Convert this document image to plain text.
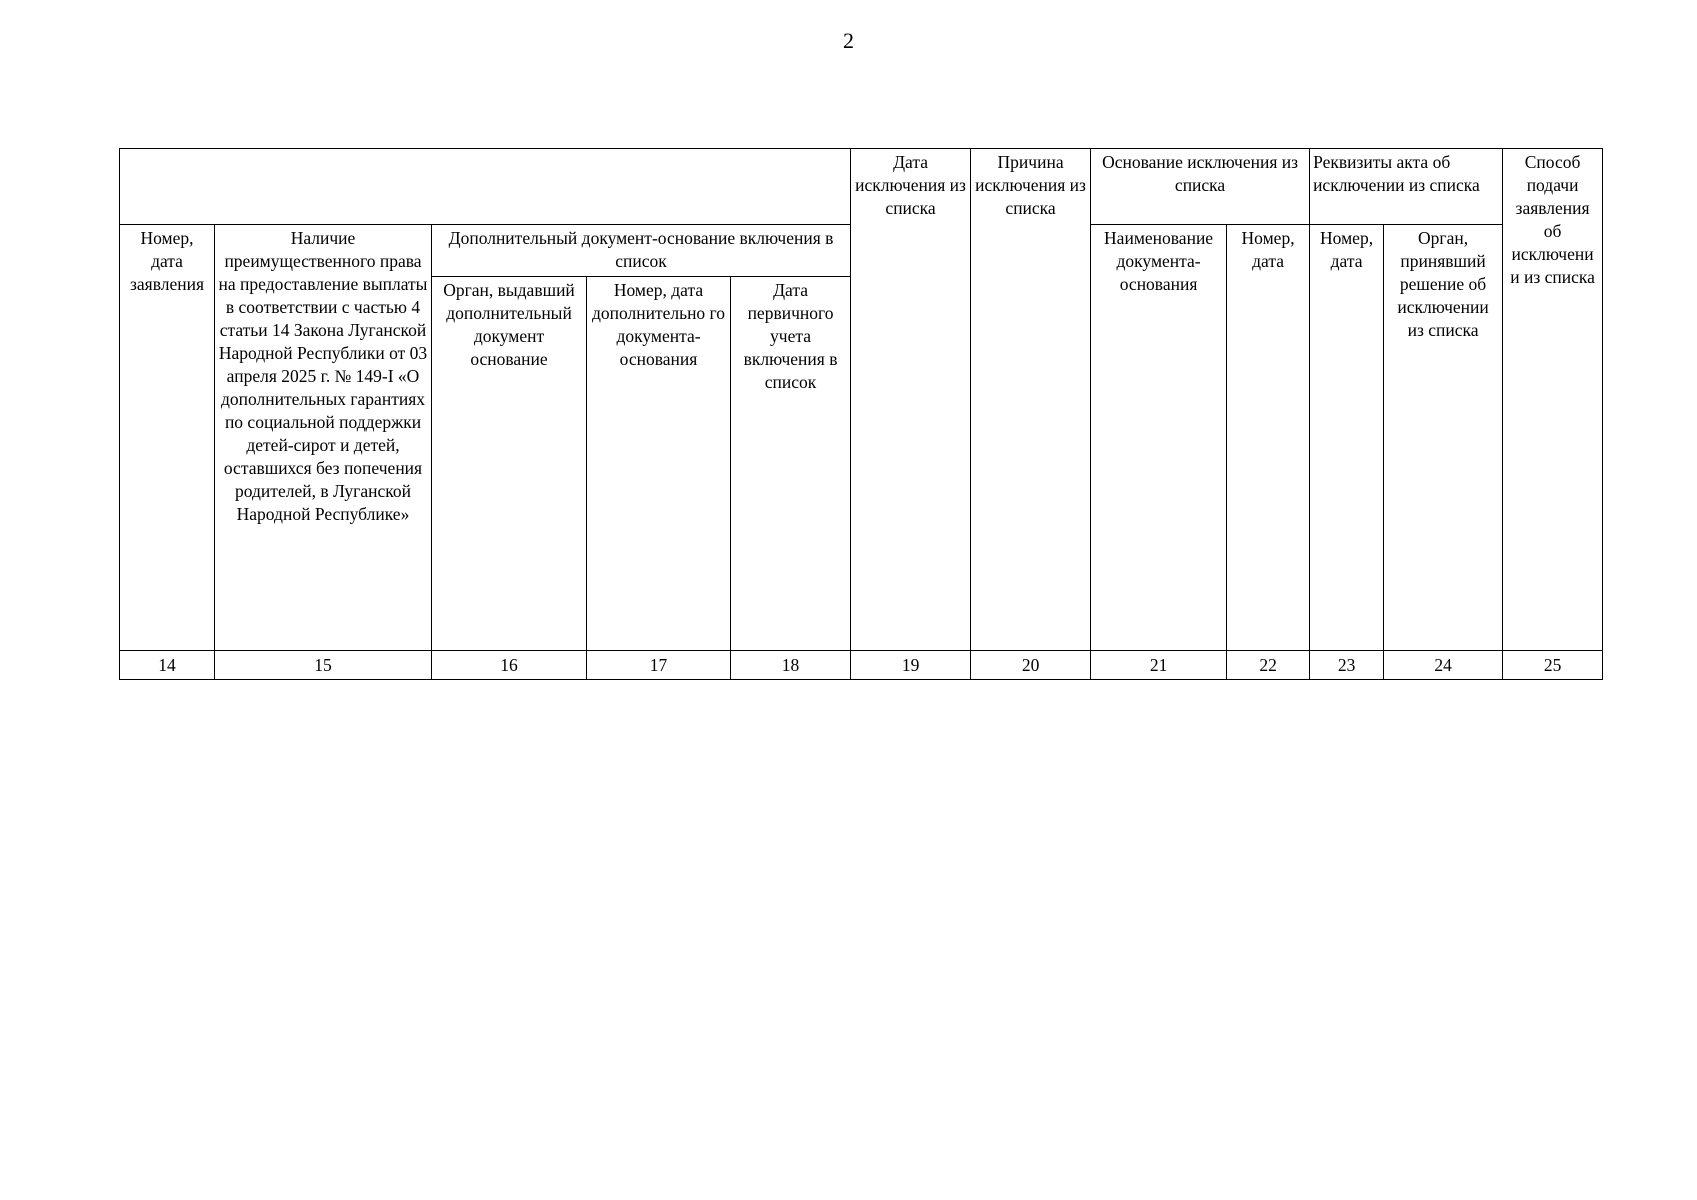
2
					Дата исключения из списка	Причина исключения из списка	Основание исключения из списка		Реквизиты акта об исключении из списка		Способ подачи заявления об исключени и из списка
Номер, дата заявления	Наличие преимущественного права на предоставление выплаты в соответствии с частью 4 статьи 14 Закона Луганской Народной Республики от 03 апреля 2025 г. № 149-I «О дополнительных гарантиях по социальной поддержки детей-сирот и детей, оставшихся без попечения родителей, в Луганской Народной Республике»	Дополнительный документ-основание включения в список					Наименование документа-основания	Номер, дата	Номер, дата	Орган, принявший решение об исключении из списка	
		Орган, выдавший дополнительный документ основание	Номер, дата дополнительно го документа-основания	Дата первичного учета включения в список							
14	15	16	17	18	19	20	21	22	23	24	25
